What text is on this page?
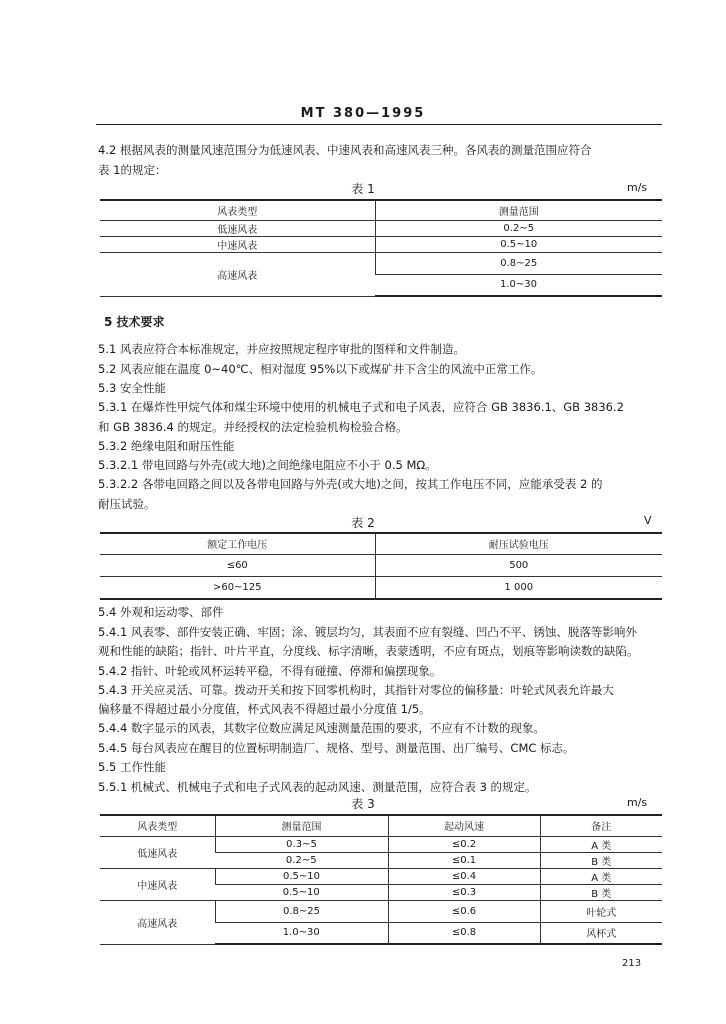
MT 380—1995
4.2 根据风表的测量风速范围分为低速风表、中速风表和高速风表三种。各风表的测量范围应符合
表 1的规定：
表 1	m/s
风表类型	测量范围
低速风表	0.2~5
中速风表	0.5~10
高速风表	0.8~25
	1.0~30
5 技术要求
5.1 风表应符合本标准规定，并应按照规定程序审批的图样和文件制造。
5.2 风表应能在温度 0~40℃、相对湿度 95%以下或煤矿井下含尘的风流中正常工作。
5.3 安全性能
5.3.1 在爆炸性甲烷气体和煤尘环境中使用的机械电子式和电子风表，应符合 GB 3836.1、GB 3836.2
和 GB 3836.4 的规定。并经授权的法定检验机构检验合格。
5.3.2 绝缘电阻和耐压性能
5.3.2.1 带电回路与外壳(或大地)之间绝缘电阻应不小于 0.5 MΩ。
5.3.2.2 各带电回路之间以及各带电回路与外壳(或大地)之间，按其工作电压不同，应能承受表 2 的
耐压试验。
表 2	V
额定工作电压	耐压试验电压
≤60	500
>60~125	1 000
5.4 外观和运动零、部件
5.4.1 风表零、部件安装正确、牢固；涂、镀层均匀，其表面不应有裂缝、凹凸不平、锈蚀、脱落等影响外
观和性能的缺陷；指针、叶片平直，分度线、标字清晰，表蒙透明，不应有斑点，划痕等影响读数的缺陷。
5.4.2 指针、叶轮或风杯运转平稳，不得有碰撞、停滞和偏摆现象。
5.4.3 开关应灵活、可靠。拨动开关和按下回零机构时，其指针对零位的偏移量：叶轮式风表允许最大
偏移量不得超过最小分度值，杯式风表不得超过最小分度值 1/5。
5.4.4 数字显示的风表，其数字位数应满足风速测量范围的要求，不应有不计数的现象。
5.4.5 每台风表应在醒目的位置标明制造厂、规格、型号、测量范围、出厂编号、CMC 标志。
5.5 工作性能
5.5.1 机械式、机械电子式和电子式风表的起动风速、测量范围，应符合表 3 的规定。
表 3	m/s
风表类型	测量范围	起动风速	备注
低速风表	0.3~5	≤0.2	A 类
	0.2~5	≤0.1	B 类
中速风表	0.5~10	≤0.4	A 类
	0.5~10	≤0.3	B 类
高速风表	0.8~25	≤0.6	叶轮式
	1.0~30	≤0.8	风杯式
213
